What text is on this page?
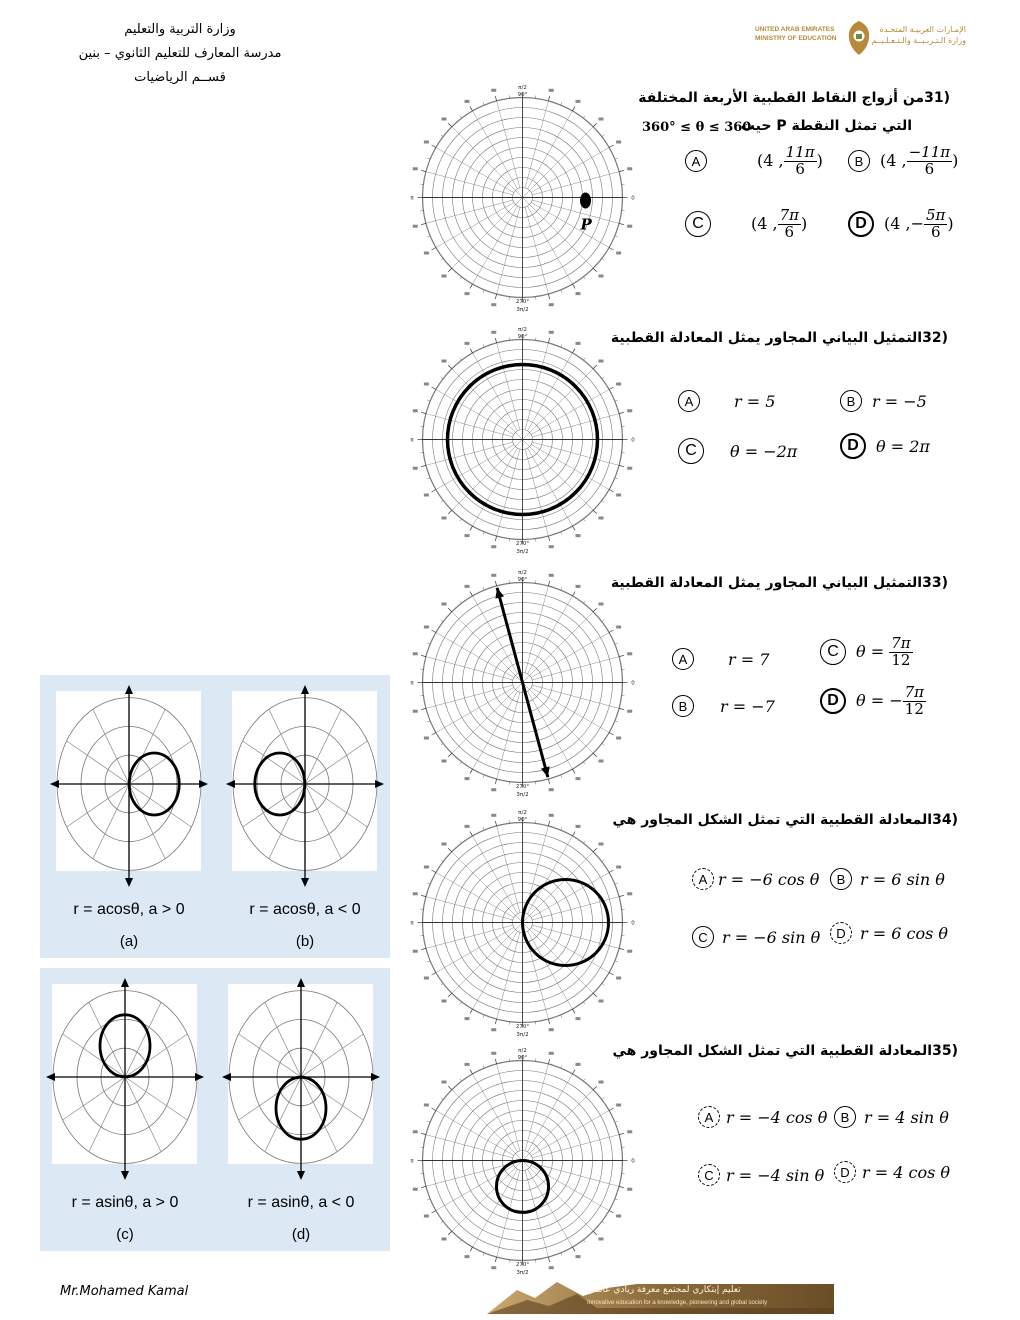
وزارة التربية والتعليم
مدرسة المعارف للتعليم الثانوي – بنين
قســم الرياضيات
UNITED ARAB EMIRATES
MINISTRY OF EDUCATION
الإمـارات العربيـة المتحـدة
وزارة الـتـربـيــة والـتـعـلـيــم
π/2
90°
3π/2
270°
π	0
P
π/2
90°
3π/2
270°
π	0
π/2
90°
3π/2
270°
π	0
π/2
90°
3π/2
270°
π	0
π/2
90°
3π/2
270°
π	0
(31من أزواج النقاط القطبية الأربعة المختلفة
التي تمثل النقطة P حيث
360° ≤ θ ≤ 360
A	(4 , $\frac{11\pi}{6}$ )	B	(4 , $\frac{-11\pi}{6}$ )
C	(4 , $\frac{7\pi}{6}$ )	D	(4 ,− $\frac{5\pi}{6}$ )
(32التمثيل البياني المجاور يمثل المعادلة القطبية
A	r = 5	B	r = −5
C	θ = −2π	D	θ = 2π
(33التمثيل البياني المجاور يمثل المعادلة القطبية
A	r = 7	C	$\theta = \frac{7\pi}{12}$
B	r = −7	D	θ = − $\frac{7\pi}{12}$
(34المعادلة القطبية التي تمثل الشكل المجاور هي
A r = −6 cos θ	B r = 6 sin θ
C r = −6 sin θ	D r = 6 cos θ
(35المعادلة القطبية التي تمثل الشكل المجاور هي
A r = −4 cos θ	B r = 4 sin θ
C r = −4 sin θ	D r = 4 cos θ
r = acosθ, a > 0
(a)
r = acosθ, a < 0
(b)
r = asinθ, a > 0
(c)
r = asinθ, a < 0
(d)
Mr.Mohamed Kamal	تعليم إبتكاري لمجتمع معرفة ريادي عالمي
Innovative education for a knowledge, pioneering and global society
